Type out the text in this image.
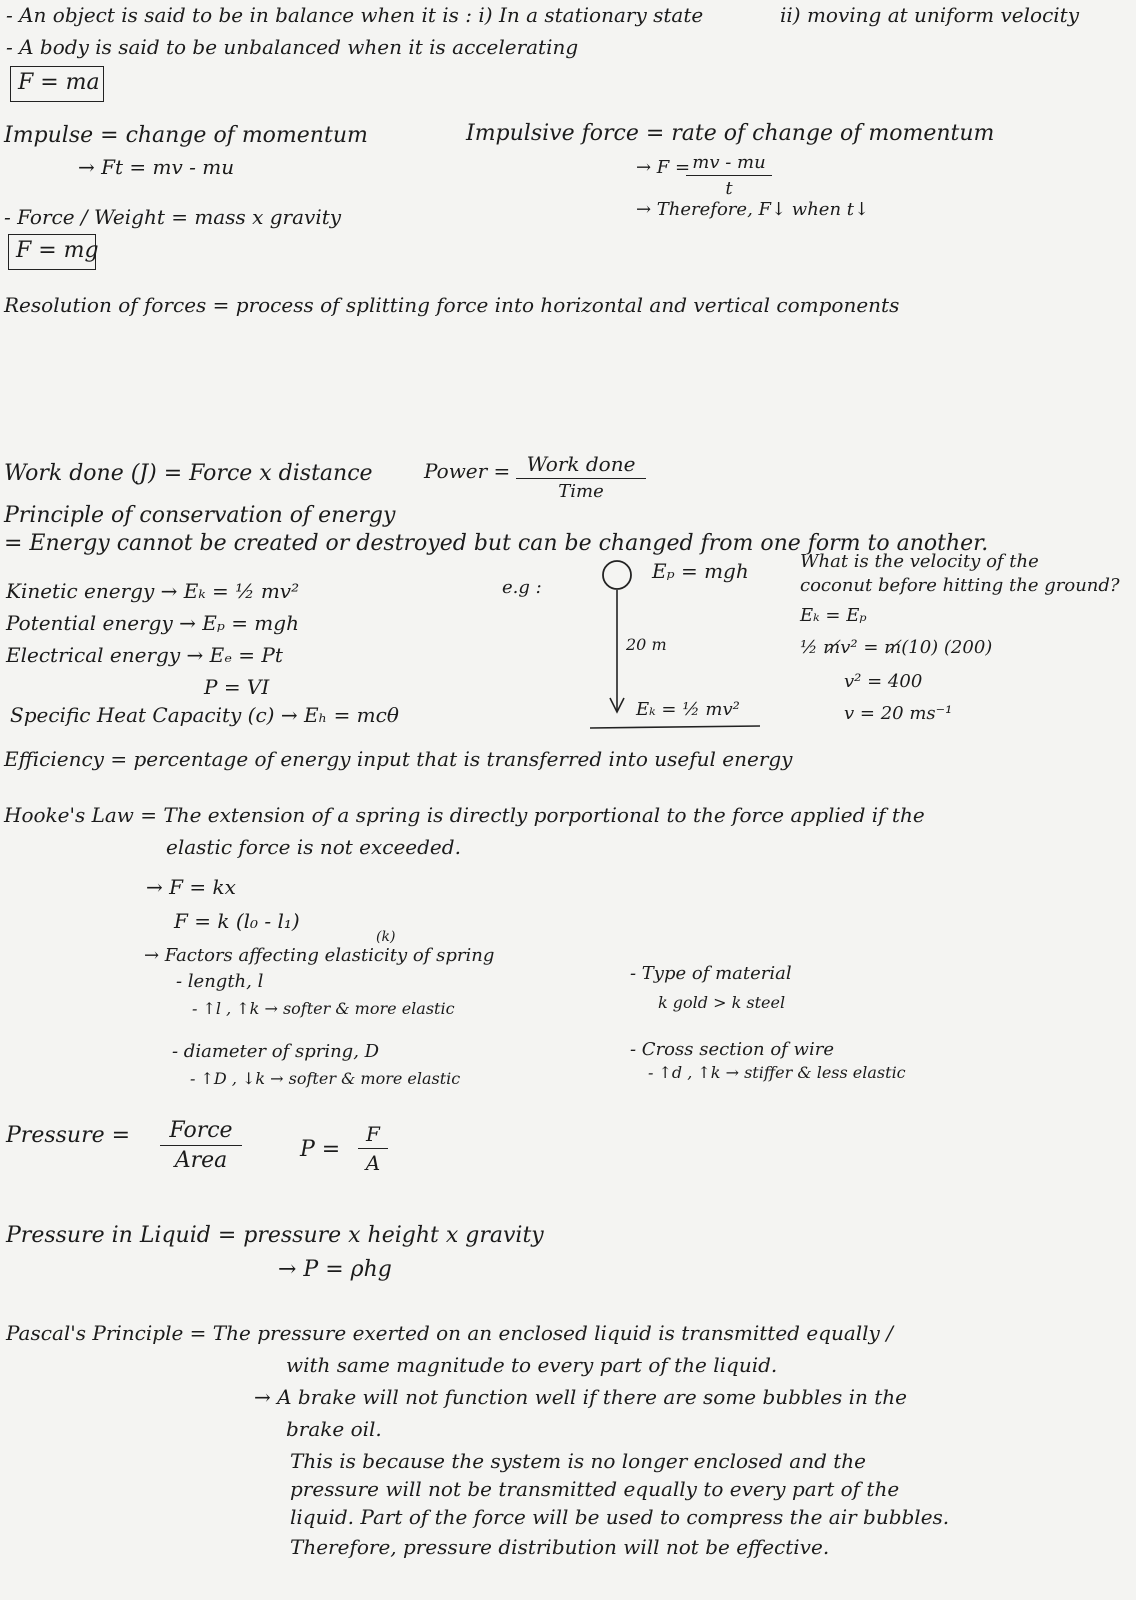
- An object is said to be in balance when it is : i) In a stationary state	ii) moving at uniform velocity
- A body is said to be unbalanced when it is accelerating
F = ma
Impulse = change of momentum
→ Ft = mv - mu
Impulsive force = rate of change of momentum
→ F =
$\frac{mv - mu}{t}$
→ Therefore, F↓ when t↓
- Force / Weight = mass x gravity
F = mg
Resolution of forces = process of splitting force into horizontal and vertical components
Work done (J) = Force x distance	Power = Work done
Time
Principle of conservation of energy
= Energy cannot be created or destroyed but can be changed from one form to another.
Kinetic energy → Eₖ = ½ mv²
Potential energy → Eₚ = mgh
Electrical energy → Eₑ = Pt
P = VI
Specific Heat Capacity (c) → Eₕ = mcθ
e.g :
Eₚ = mgh
20 m
Eₖ = ½ mv²
What is the velocity of the
coconut before hitting the ground?
Eₖ = Eₚ
½ m̸v² = m̸(10) (200)
v² = 400
v = 20 ms⁻¹
Efficiency = percentage of energy input that is transferred into useful energy
Hooke's Law = The extension of a spring is directly porportional to the force applied if the
elastic force is not exceeded.
→ F = kx
F = k (l₀ - l₁)
→ Factors affecting elasticity of spring
(k)
- length, l
- ↑l , ↑k → softer & more elastic
- diameter of spring, D
- ↑D , ↓k → softer & more elastic
- Type of material
k gold > k steel
- Cross section of wire
- ↑d , ↑k → stiffer & less elastic
Pressure =	Force
Area	$P = \frac{F}{A}$
Pressure in Liquid = pressure x height x gravity
→ P = ρhg
Pascal's Principle = The pressure exerted on an enclosed liquid is transmitted equally /
with same magnitude to every part of the liquid.
→ A brake will not function well if there are some bubbles in the
brake oil.
This is because the system is no longer enclosed and the
pressure will not be transmitted equally to every part of the
liquid. Part of the force will be used to compress the air bubbles.
Therefore, pressure distribution will not be effective.
